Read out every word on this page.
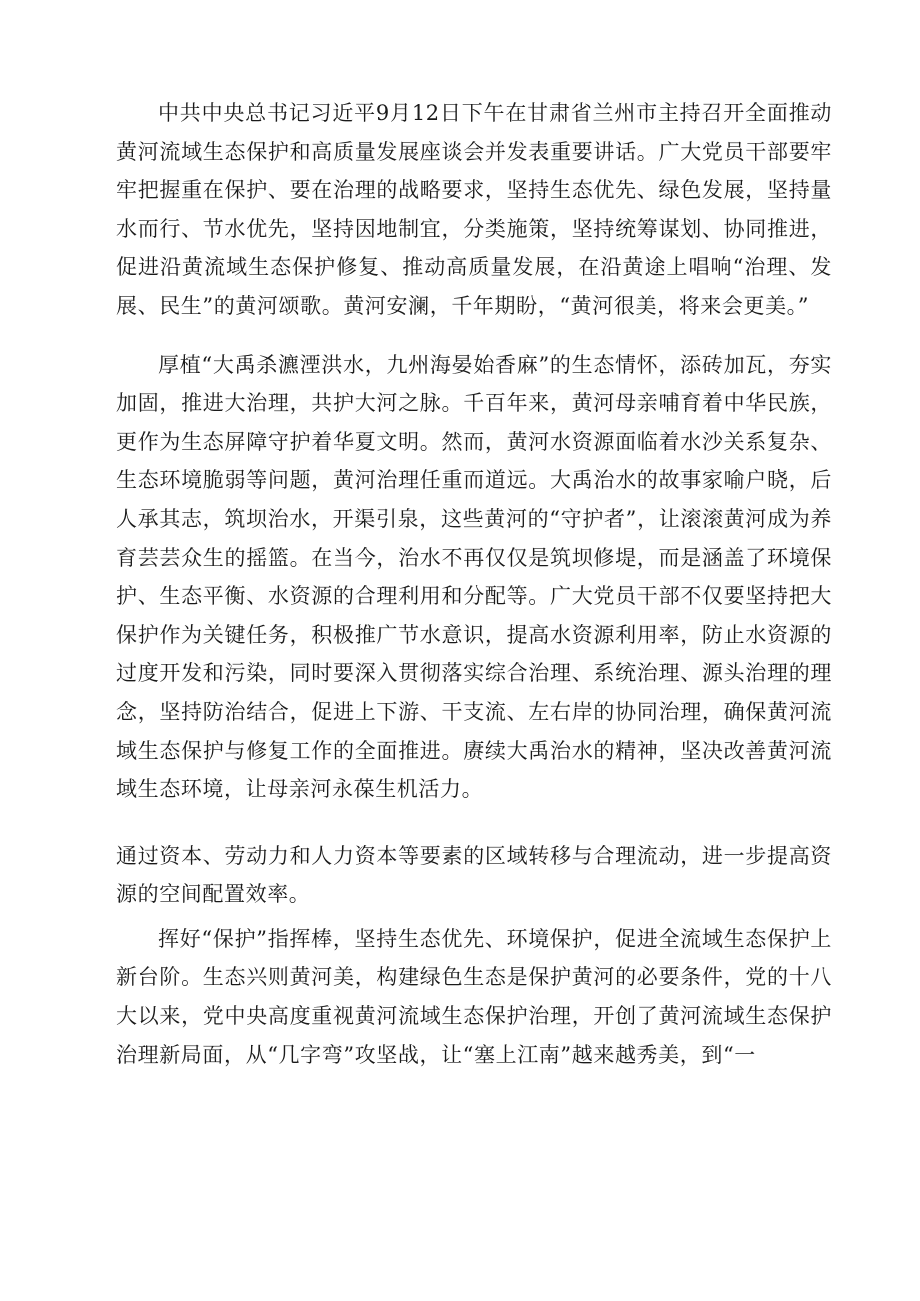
中共中央总书记习近平9月12日下午在甘肃省兰州市主持召开全面推动黄河流域生态保护和高质量发展座谈会并发表重要讲话。广大党员干部要牢牢把握重在保护、要在治理的战略要求，坚持生态优先、绿色发展，坚持量水而行、节水优先，坚持因地制宜，分类施策，坚持统筹谋划、协同推进，促进沿黄流域生态保护修复、推动高质量发展，在沿黄途上唱响“治理、发展、民生”的黄河颂歌。黄河安澜，千年期盼，“黄河很美，将来会更美。”

厚植“大禹杀瀌湮洪水，九州海晏始香麻”的生态情怀，添砖加瓦，夯实加固，推进大治理，共护大河之脉。千百年来，黄河母亲哺育着中华民族，更作为生态屏障守护着华夏文明。然而，黄河水资源面临着水沙关系复杂、生态环境脆弱等问题，黄河治理任重而道远。大禹治水的故事家喻户晓，后人承其志，筑坝治水，开渠引泉，这些黄河的“守护者”，让滚滚黄河成为养育芸芸众生的摇篮。在当今，治水不再仅仅是筑坝修堤，而是涵盖了环境保护、生态平衡、水资源的合理利用和分配等。广大党员干部不仅要坚持把大保护作为关键任务，积极推广节水意识，提高水资源利用率，防止水资源的过度开发和污染，同时要深入贯彻落实综合治理、系统治理、源头治理的理念，坚持防治结合，促进上下游、干支流、左右岸的协同治理，确保黄河流域生态保护与修复工作的全面推进。赓续大禹治水的精神，坚决改善黄河流域生态环境，让母亲河永葆生机活力。

通过资本、劳动力和人力资本等要素的区域转移与合理流动，进一步提高资源的空间配置效率。

挥好“保护”指挥棒，坚持生态优先、环境保护，促进全流域生态保护上新台阶。生态兴则黄河美，构建绿色生态是保护黄河的必要条件，党的十八大以来，党中央高度重视黄河流域生态保护治理，开创了黄河流域生态保护治理新局面，从“几字弯”攻坚战，让“塞上江南”越来越秀美，到“一
